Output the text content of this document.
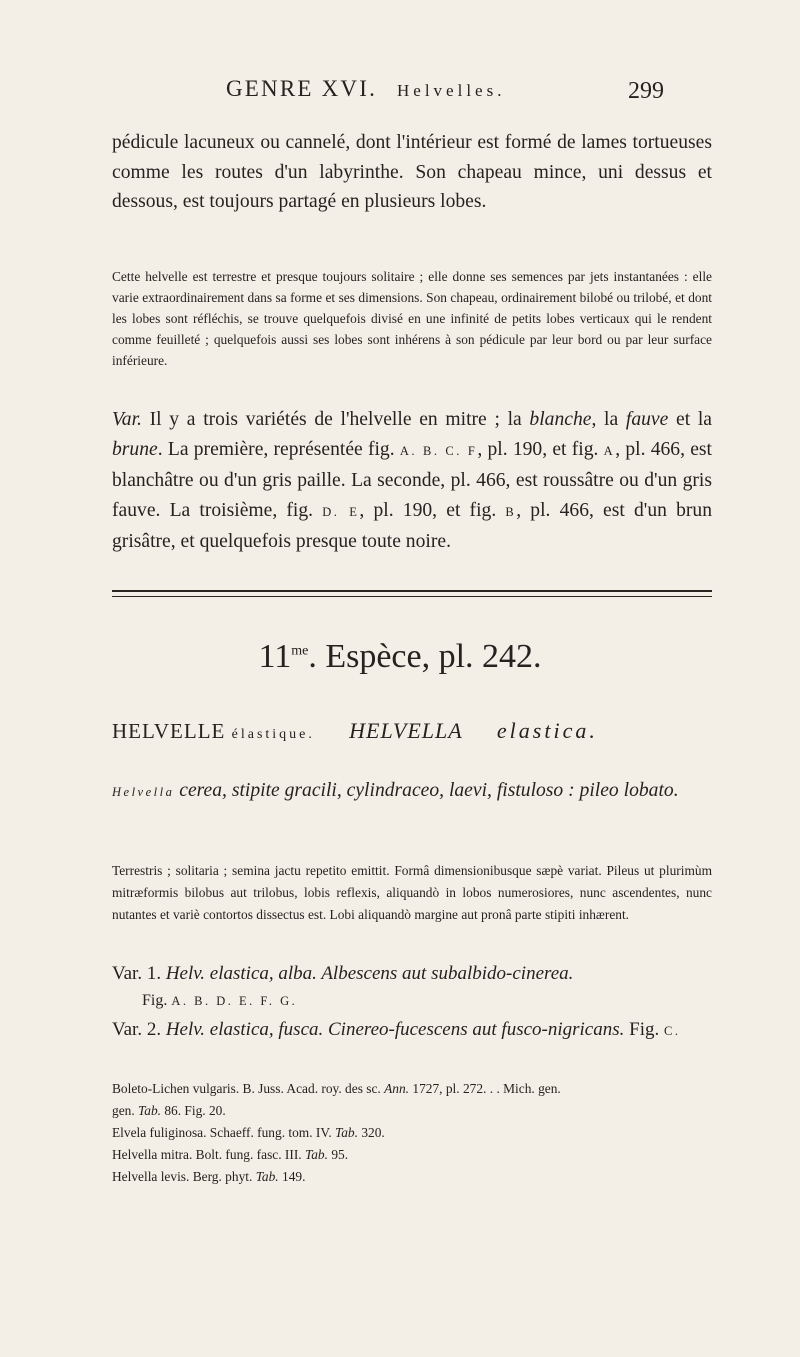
GENRE XVI. Helvelles.	299
pédicule lacuneux ou cannelé, dont l'intérieur est formé de lames tortueuses comme les routes d'un labyrinthe. Son chapeau mince, uni dessus et dessous, est toujours partagé en plusieurs lobes.
Cette helvelle est terrestre et presque toujours solitaire ; elle donne ses semences par jets instantanées : elle varie extraordinairement dans sa forme et ses dimensions. Son chapeau, ordinairement bilobé ou trilobé, et dont les lobes sont réfléchis, se trouve quelquefois divisé en une infinité de petits lobes verticaux qui le rendent comme feuilleté ; quelquefois aussi ses lobes sont inhérens à son pédicule par leur bord ou par leur surface inférieure.
Var. Il y a trois variétés de l'helvelle en mitre ; la blanche, la fauve et la brune. La première, représentée fig. A. B. C. F, pl. 190, et fig. A, pl. 466, est blanchâtre ou d'un gris paille. La seconde, pl. 466, est roussâtre ou d'un gris fauve. La troisième, fig. D. E, pl. 190, et fig. B, pl. 466, est d'un brun grisâtre, et quelquefois presque toute noire.
$11^{me}$. Espèce, pl. 242.
HELVELLE élastique. HELVELLA elastica.
Helvella cerea, stipite gracili, cylindraceo, laevi, fistuloso : pileo lobato.
Terrestris ; solitaria ; semina jactu repetito emittit. Formâ dimensionibusque sæpè variat. Pileus ut plurimùm mitræformis bilobus aut trilobus, lobis reflexis, aliquandò in lobos numerosiores, nunc ascendentes, nunc nutantes et variè contortos dissectus est. Lobi aliquandò margine aut pronâ parte stipiti inhærent.
Var. 1. Helv. elastica, alba. Albescens aut subalbido-cinerea.
Fig. A. B. D. E. F. G.
Var. 2. Helv. elastica, fusca. Cinereo-fucescens aut fusco-nigricans. Fig. C.
Boleto-Lichen vulgaris. B. Juss. Acad. roy. des sc. Ann. 1727, pl. 272. . . Mich. gen.
gen. Tab. 86. Fig. 20.
Elvela fuliginosa. Schaeff. fung. tom. IV. Tab. 320.
Helvella mitra. Bolt. fung. fasc. III. Tab. 95.
Helvella levis. Berg. phyt. Tab. 149.
